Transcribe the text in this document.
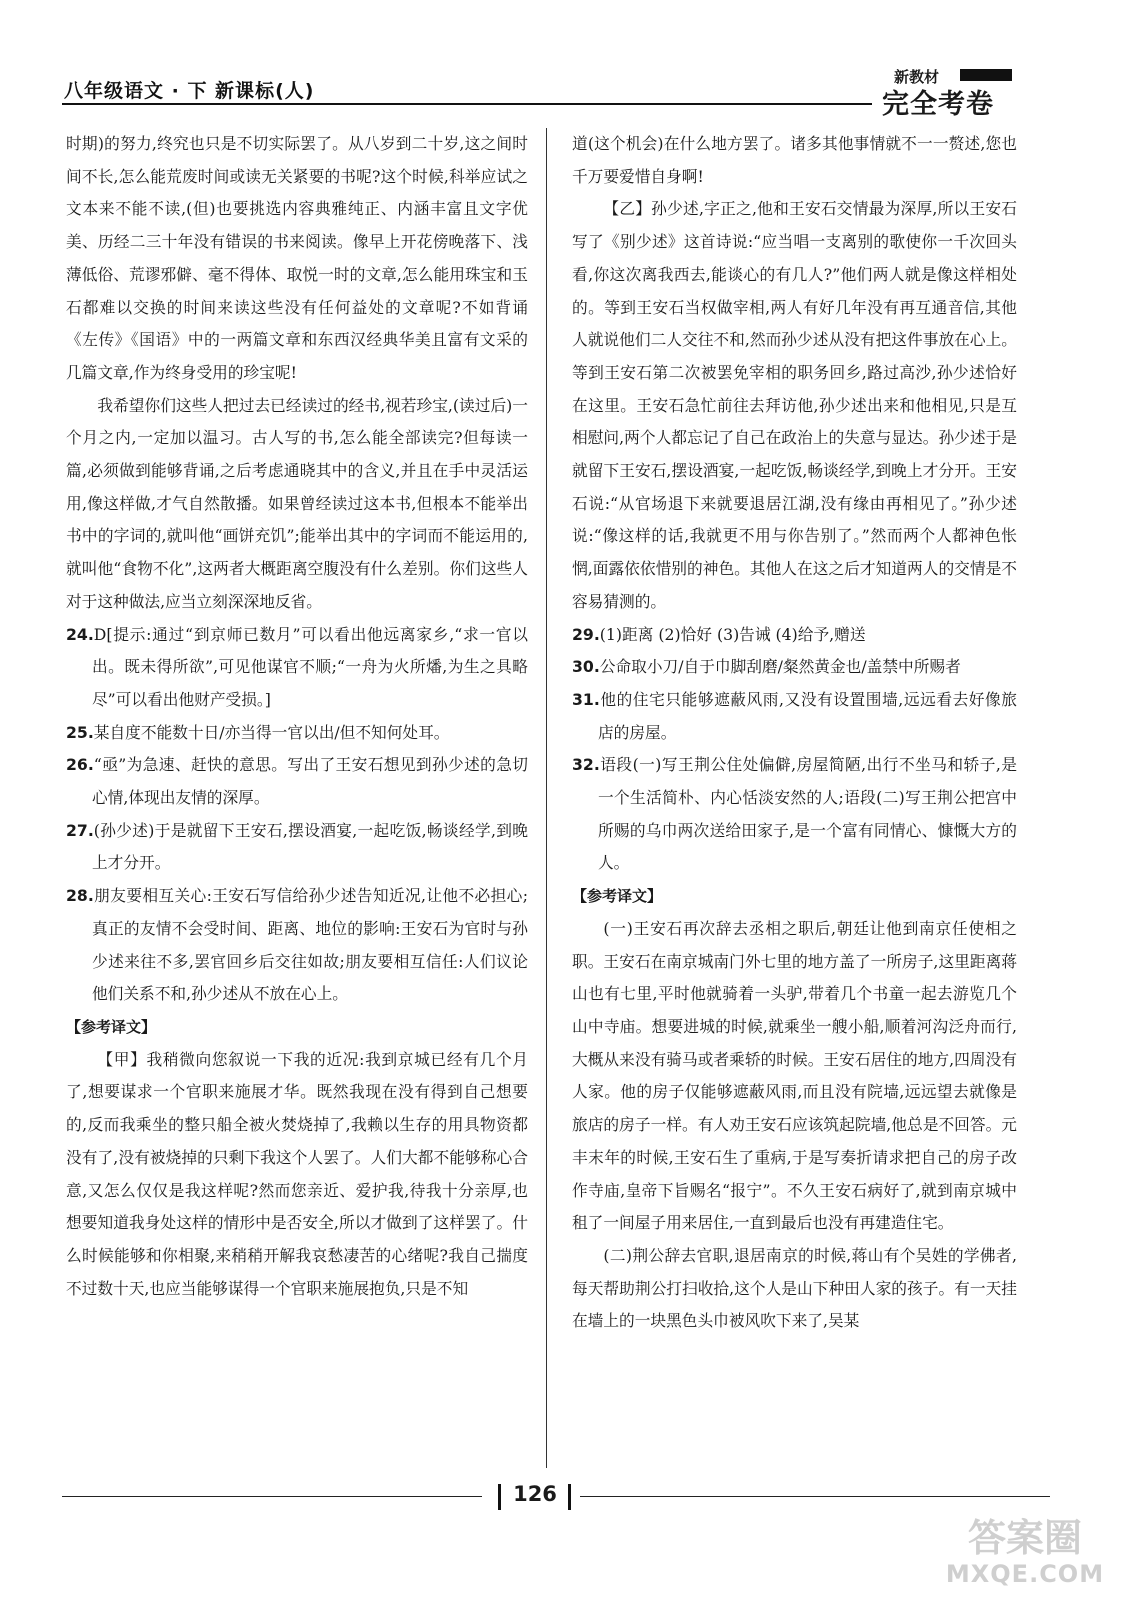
八年级语文 · 下 新课标(人)
新教材
完全考卷

时期)的努力,终究也只是不切实际罢了。从八岁到二十岁,这之间时间不长,怎么能荒废时间或读无关紧要的书呢?这个时候,科举应试之文本来不能不读,(但)也要挑选内容典雅纯正、内涵丰富且文字优美、历经二三十年没有错误的书来阅读。像早上开花傍晚落下、浅薄低俗、荒谬邪僻、毫不得体、取悦一时的文章,怎么能用珠宝和玉石都难以交换的时间来读这些没有任何益处的文章呢?不如背诵《左传》《国语》中的一两篇文章和东西汉经典华美且富有文采的几篇文章,作为终身受用的珍宝呢!

我希望你们这些人把过去已经读过的经书,视若珍宝,(读过后)一个月之内,一定加以温习。古人写的书,怎么能全部读完?但每读一篇,必须做到能够背诵,之后考虑通晓其中的含义,并且在手中灵活运用,像这样做,才气自然散播。如果曾经读过这本书,但根本不能举出书中的字词的,就叫他“画饼充饥”;能举出其中的字词而不能运用的,就叫他“食物不化”,这两者大概距离空腹没有什么差别。你们这些人对于这种做法,应当立刻深深地反省。

24.D[提示:通过“到京师已数月”可以看出他远离家乡,“求一官以出。既未得所欲”,可见他谋官不顺;“一舟为火所燔,为生之具略尽”可以看出他财产受损。]

25.某自度不能数十日/亦当得一官以出/但不知何处耳。

26.“亟”为急速、赶快的意思。写出了王安石想见到孙少述的急切心情,体现出友情的深厚。

27.(孙少述)于是就留下王安石,摆设酒宴,一起吃饭,畅谈经学,到晚上才分开。

28.朋友要相互关心:王安石写信给孙少述告知近况,让他不必担心;真正的友情不会受时间、距离、地位的影响:王安石为官时与孙少述来往不多,罢官回乡后交往如故;朋友要相互信任:人们议论他们关系不和,孙少述从不放在心上。

【参考译文】

【甲】我稍微向您叙说一下我的近况:我到京城已经有几个月了,想要谋求一个官职来施展才华。既然我现在没有得到自己想要的,反而我乘坐的整只船全被火焚烧掉了,我赖以生存的用具物资都没有了,没有被烧掉的只剩下我这个人罢了。人们大都不能够称心合意,又怎么仅仅是我这样呢?然而您亲近、爱护我,待我十分亲厚,也想要知道我身处这样的情形中是否安全,所以才做到了这样罢了。什么时候能够和你相聚,来稍稍开解我哀愁凄苦的心绪呢?我自己揣度不过数十天,也应当能够谋得一个官职来施展抱负,只是不知

道(这个机会)在什么地方罢了。诸多其他事情就不一一赘述,您也千万要爱惜自身啊!

【乙】孙少述,字正之,他和王安石交情最为深厚,所以王安石写了《别少述》这首诗说:“应当唱一支离别的歌使你一千次回头看,你这次离我西去,能谈心的有几人?”他们两人就是像这样相处的。等到王安石当权做宰相,两人有好几年没有再互通音信,其他人就说他们二人交往不和,然而孙少述从没有把这件事放在心上。等到王安石第二次被罢免宰相的职务回乡,路过高沙,孙少述恰好在这里。王安石急忙前往去拜访他,孙少述出来和他相见,只是互相慰问,两个人都忘记了自己在政治上的失意与显达。孙少述于是就留下王安石,摆设酒宴,一起吃饭,畅谈经学,到晚上才分开。王安石说:“从官场退下来就要退居江湖,没有缘由再相见了。”孙少述说:“像这样的话,我就更不用与你告别了。”然而两个人都神色怅惘,面露依依惜别的神色。其他人在这之后才知道两人的交情是不容易猜测的。

29.(1)距离 (2)恰好 (3)告诫 (4)给予,赠送

30.公命取小刀/自于巾脚刮磨/粲然黄金也/盖禁中所赐者

31.他的住宅只能够遮蔽风雨,又没有设置围墙,远远看去好像旅店的房屋。

32.语段(一)写王荆公住处偏僻,房屋简陋,出行不坐马和轿子,是一个生活简朴、内心恬淡安然的人;语段(二)写王荆公把宫中所赐的乌巾两次送给田家子,是一个富有同情心、慷慨大方的人。

【参考译文】

(一)王安石再次辞去丞相之职后,朝廷让他到南京任使相之职。王安石在南京城南门外七里的地方盖了一所房子,这里距离蒋山也有七里,平时他就骑着一头驴,带着几个书童一起去游览几个山中寺庙。想要进城的时候,就乘坐一艘小船,顺着河沟泛舟而行,大概从来没有骑马或者乘轿的时候。王安石居住的地方,四周没有人家。他的房子仅能够遮蔽风雨,而且没有院墙,远远望去就像是旅店的房子一样。有人劝王安石应该筑起院墙,他总是不回答。元丰末年的时候,王安石生了重病,于是写奏折请求把自己的房子改作寺庙,皇帝下旨赐名“报宁”。不久王安石病好了,就到南京城中租了一间屋子用来居住,一直到最后也没有再建造住宅。

(二)荆公辞去官职,退居南京的时候,蒋山有个吴姓的学佛者,每天帮助荆公打扫收拾,这个人是山下种田人家的孩子。有一天挂在墙上的一块黑色头巾被风吹下来了,吴某

126
答案圈
MXQE.COM
